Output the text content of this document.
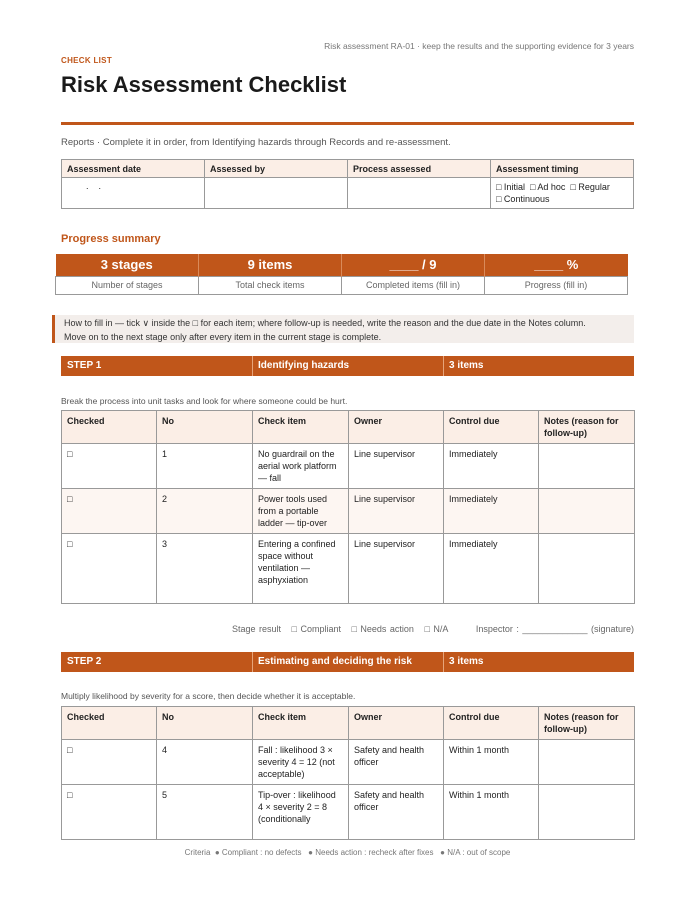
Risk assessment RA-01 · keep the results and the supporting evidence for 3 years
CHECK LIST
Risk Assessment Checklist
Reports · Complete it in order, from Identifying hazards through Records and re-assessment.
Assessment date	Assessed by	Process assessed	Assessment timing
.    .			□ Initial  □ Ad hoc  □ Regular
□ Continuous
Progress summary
3 stages	9 items	____ / 9	____ %
Number of stages	Total check items	Completed items (fill in)	Progress (fill in)
How to fill in — tick ∨ inside the □ for each item; where follow-up is needed, write the reason and the due date in the Notes column.
Move on to the next stage only after every item in the current stage is complete.
STEP 1	Identifying hazards	3 items
Break the process into unit tasks and look for where someone could be hurt.
Checked	No	Check item	Owner	Control due	Notes (reason for follow-up)
□	1	No guardrail on the aerial work platform — fall	Line supervisor	Immediately	
□	2	Power tools used from a portable ladder — tip-over	Line supervisor	Immediately	
□	3	Entering a confined space without ventilation — asphyxiation	Line supervisor	Immediately	
Stage result   □ Compliant   □ Needs action   □ N/A        Inspector : _____________ (signature)
STEP 2	Estimating and deciding the risk	3 items
Multiply likelihood by severity for a score, then decide whether it is acceptable.
Checked	No	Check item	Owner	Control due	Notes (reason for follow-up)
□	4	Fall : likelihood 3 × severity 4 = 12 (not acceptable)	Safety and health officer	Within 1 month	
□	5	Tip-over : likelihood 4 × severity 2 = 8 (conditionally	Safety and health officer	Within 1 month	
Criteria  ● Compliant : no defects   ● Needs action : recheck after fixes   ● N/A : out of scope
